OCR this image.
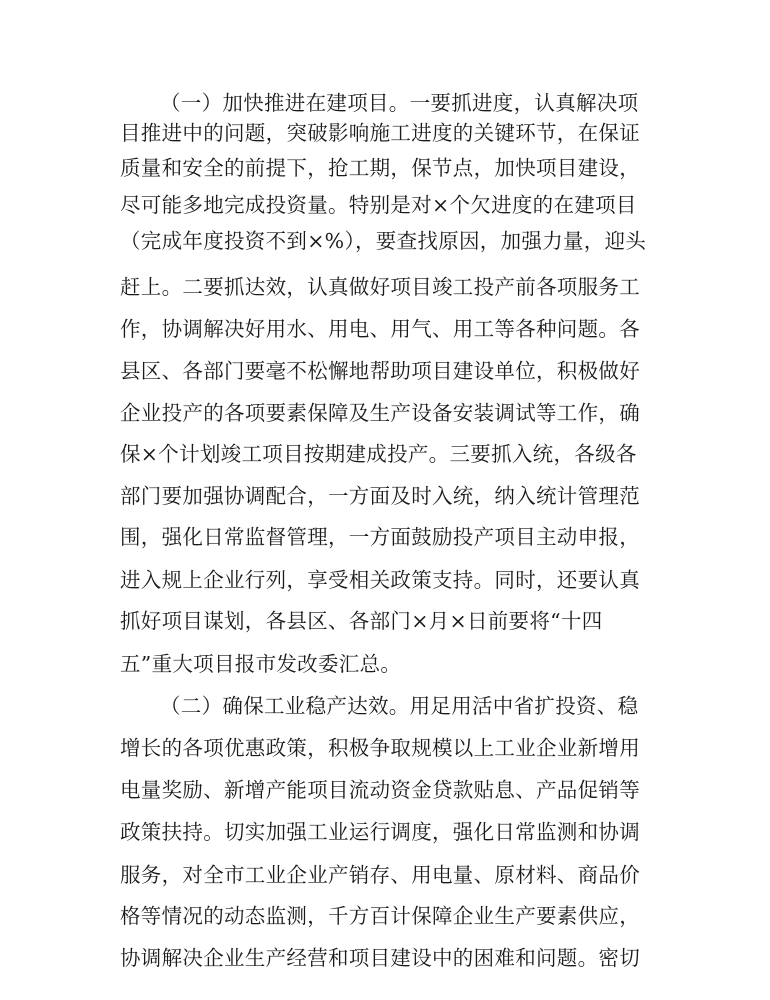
（一）加快推进在建项目。一要抓进度，认真解决项
目推进中的问题，突破影响施工进度的关键环节，在保证
质量和安全的前提下，抢工期，保节点，加快项目建设，
尽可能多地完成投资量。特别是对×个欠进度的在建项目
（完成年度投资不到×%），要查找原因，加强力量，迎头
赶上。二要抓达效，认真做好项目竣工投产前各项服务工
作，协调解决好用水、用电、用气、用工等各种问题。各
县区、各部门要毫不松懈地帮助项目建设单位，积极做好
企业投产的各项要素保障及生产设备安装调试等工作，确
保×个计划竣工项目按期建成投产。三要抓入统，各级各
部门要加强协调配合，一方面及时入统，纳入统计管理范
围，强化日常监督管理，一方面鼓励投产项目主动申报，
进入规上企业行列，享受相关政策支持。同时，还要认真
抓好项目谋划，各县区、各部门×月×日前要将“十四
五”重大项目报市发改委汇总。
（二）确保工业稳产达效。用足用活中省扩投资、稳
增长的各项优惠政策，积极争取规模以上工业企业新增用
电量奖励、新增产能项目流动资金贷款贴息、产品促销等
政策扶持。切实加强工业运行调度，强化日常监测和协调
服务，对全市工业企业产销存、用电量、原材料、商品价
格等情况的动态监测，千方百计保障企业生产要素供应，
协调解决企业生产经营和项目建设中的困难和问题。密切
